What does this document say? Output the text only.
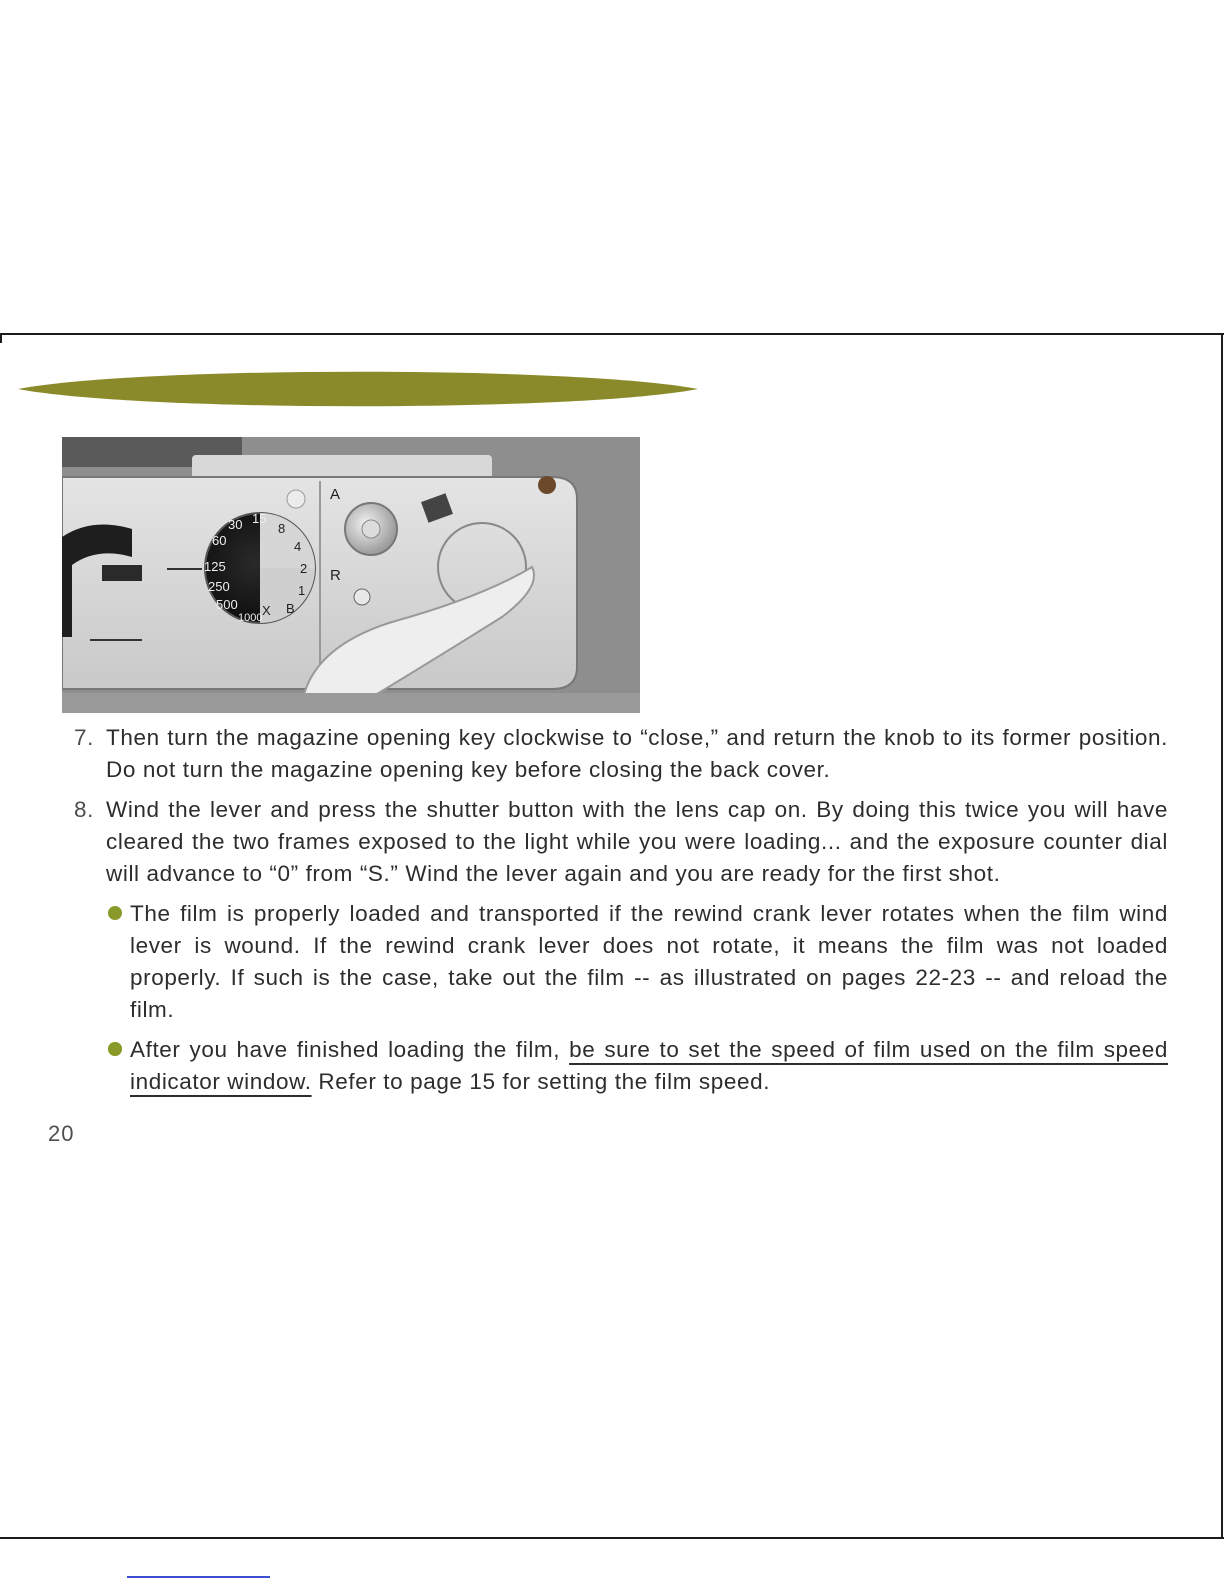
60
125
250
500
1000
30 15
8
4
2
1
B
X
A
R
7. Then turn the magazine opening key clockwise to “close,” and return the knob to its former position. Do not turn the magazine opening key before closing the back cover.
8. Wind the lever and press the shutter button with the lens cap on. By doing this twice you will have cleared the two frames exposed to the light while you were loading... and the exposure counter dial will advance to “0” from “S.” Wind the lever again and you are ready for the first shot.
The film is properly loaded and transported if the rewind crank lever rotates when the film wind lever is wound. If the rewind crank lever does not rotate, it means the film was not loaded properly. If such is the case, take out the film -- as illustrated on pages 22-23 -- and reload the film.
After you have finished loading the film, be sure to set the speed of film used on the film speed indicator window. Refer to page 15 for setting the film speed.
20
